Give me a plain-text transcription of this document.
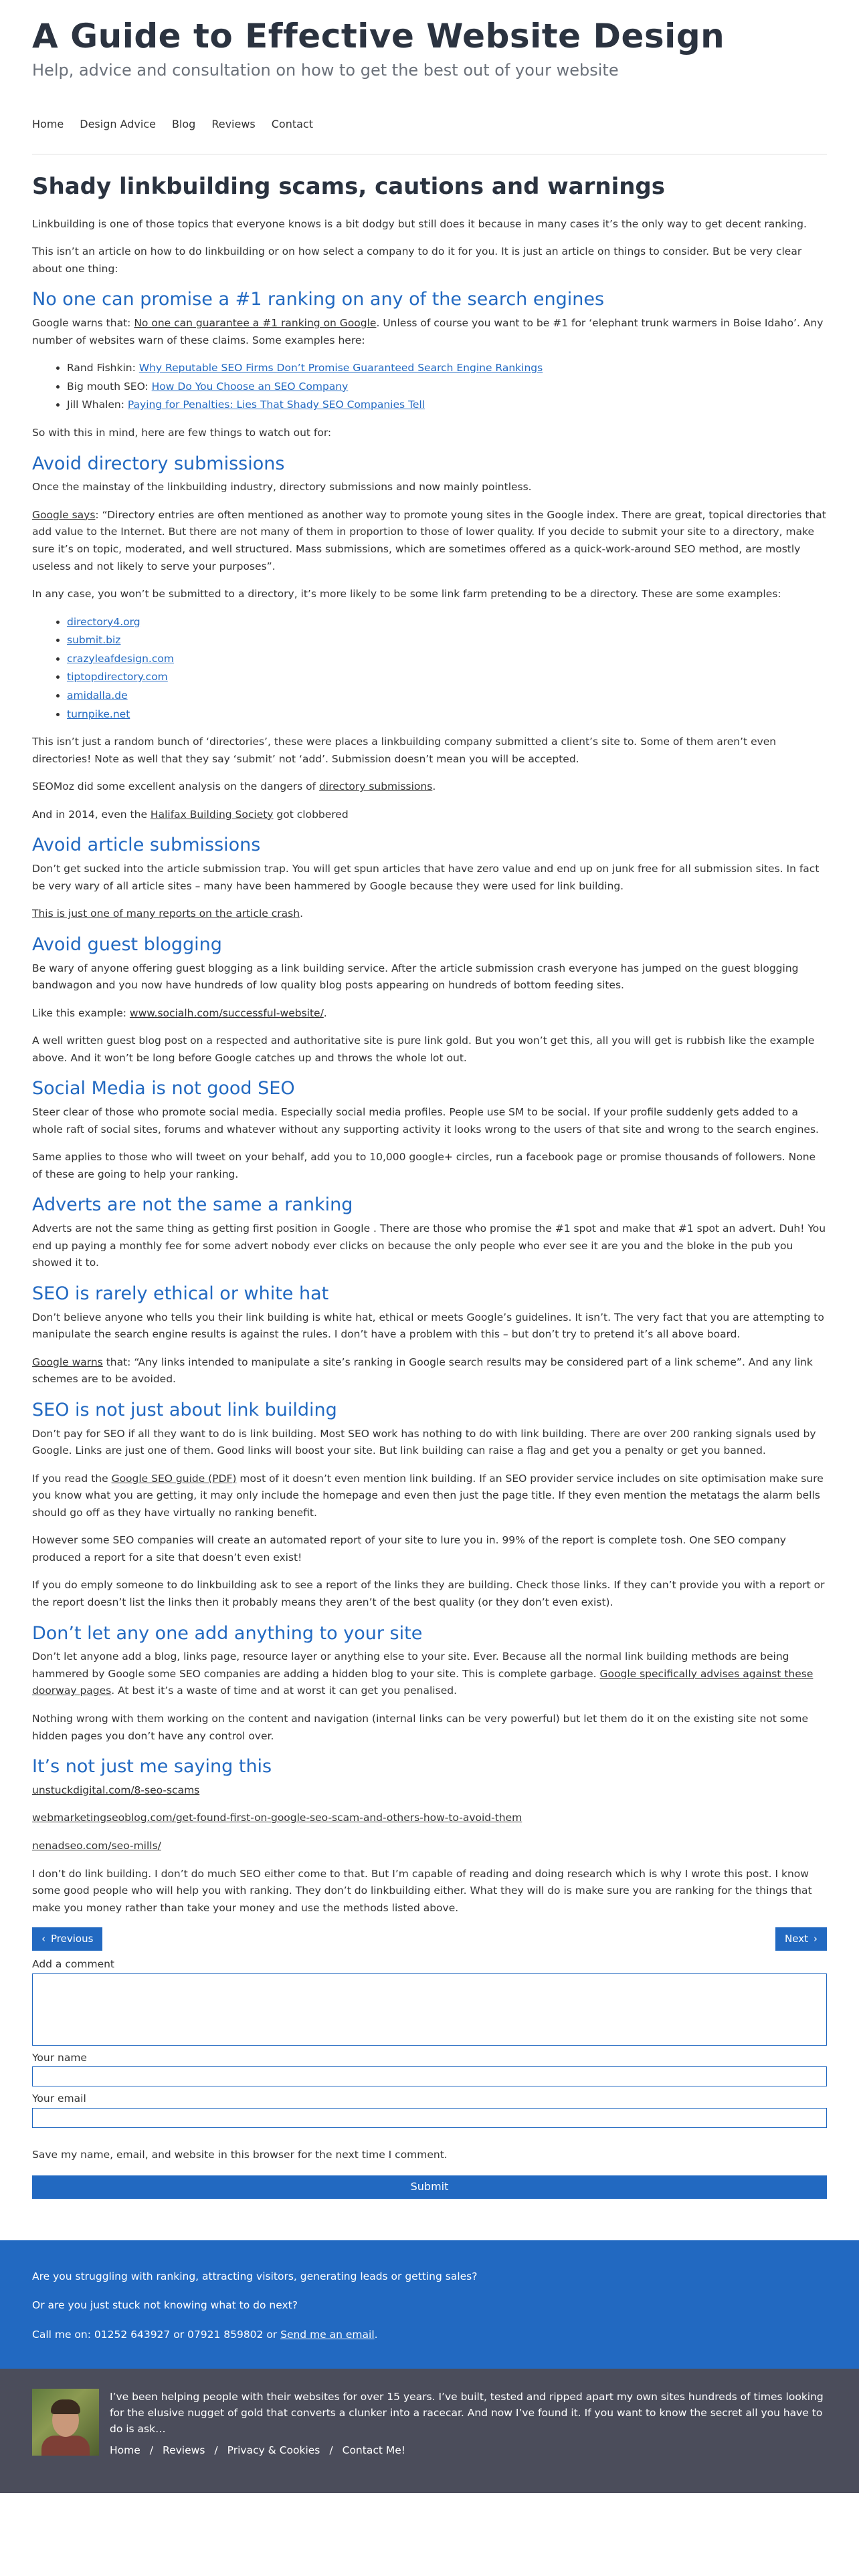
A Guide to Effective Website Design

Help, advice and consultation on how to get the best out of your website

Home Design Advice Blog Reviews Contact
Shady linkbuilding scams, cautions and warnings

Linkbuilding is one of those topics that everyone knows is a bit dodgy but still does it because in many cases it’s the only way to get decent ranking.

This isn’t an article on how to do linkbuilding or on how select a company to do it for you. It is just an article on things to consider. But be very clear about one thing:

No one can promise a #1 ranking on any of the search engines

Google warns that: No one can guarantee a #1 ranking on Google. Unless of course you want to be #1 for ‘elephant trunk warmers in Boise Idaho’. Any number of websites warn of these claims. Some examples here:

• Rand Fishkin: Why Reputable SEO Firms Don’t Promise Guaranteed Search Engine Rankings
• Big mouth SEO: How Do You Choose an SEO Company
• Jill Whalen: Paying for Penalties: Lies That Shady SEO Companies Tell

So with this in mind, here are few things to watch out for:

Avoid directory submissions

Once the mainstay of the linkbuilding industry, directory submissions and now mainly pointless.

Google says: “Directory entries are often mentioned as another way to promote young sites in the Google index. There are great, topical directories that add value to the Internet. But there are not many of them in proportion to those of lower quality. If you decide to submit your site to a directory, make sure it’s on topic, moderated, and well structured. Mass submissions, which are sometimes offered as a quick-work-around SEO method, are mostly useless and not likely to serve your purposes”.

In any case, you won’t be submitted to a directory, it’s more likely to be some link farm pretending to be a directory. These are some examples:

• directory4.org
• submit.biz
• crazyleafdesign.com
• tiptopdirectory.com
• amidalla.de
• turnpike.net

This isn’t just a random bunch of ‘directories’, these were places a linkbuilding company submitted a client’s site to. Some of them aren’t even directories! Note as well that they say ‘submit’ not ‘add’. Submission doesn’t mean you will be accepted.

SEOMoz did some excellent analysis on the dangers of directory submissions.

And in 2014, even the Halifax Building Society got clobbered

Avoid article submissions

Don’t get sucked into the article submission trap. You will get spun articles that have zero value and end up on junk free for all submission sites. In fact be very wary of all article sites – many have been hammered by Google because they were used for link building.

This is just one of many reports on the article crash.

Avoid guest blogging

Be wary of anyone offering guest blogging as a link building service. After the article submission crash everyone has jumped on the guest blogging bandwagon and you now have hundreds of low quality blog posts appearing on hundreds of bottom feeding sites.

Like this example: www.socialh.com/successful-website/.

A well written guest blog post on a respected and authoritative site is pure link gold. But you won’t get this, all you will get is rubbish like the example above. And it won’t be long before Google catches up and throws the whole lot out.

Social Media is not good SEO

Steer clear of those who promote social media. Especially social media profiles. People use SM to be social. If your profile suddenly gets added to a whole raft of social sites, forums and whatever without any supporting activity it looks wrong to the users of that site and wrong to the search engines.

Same applies to those who will tweet on your behalf, add you to 10,000 google+ circles, run a facebook page or promise thousands of followers. None of these are going to help your ranking.

Adverts are not the same a ranking

Adverts are not the same thing as getting first position in Google . There are those who promise the #1 spot and make that #1 spot an advert. Duh! You end up paying a monthly fee for some advert nobody ever clicks on because the only people who ever see it are you and the bloke in the pub you showed it to.

SEO is rarely ethical or white hat

Don’t believe anyone who tells you their link building is white hat, ethical or meets Google’s guidelines. It isn’t. The very fact that you are attempting to manipulate the search engine results is against the rules. I don’t have a problem with this – but don’t try to pretend it’s all above board.

Google warns that: “Any links intended to manipulate a site’s ranking in Google search results may be considered part of a link scheme”. And any link schemes are to be avoided.

SEO is not just about link building

Don’t pay for SEO if all they want to do is link building. Most SEO work has nothing to do with link building. There are over 200 ranking signals used by Google. Links are just one of them. Good links will boost your site. But link building can raise a flag and get you a penalty or get you banned.

If you read the Google SEO guide (PDF) most of it doesn’t even mention link building. If an SEO provider service includes on site optimisation make sure you know what you are getting, it may only include the homepage and even then just the page title. If they even mention the metatags the alarm bells should go off as they have virtually no ranking benefit.

However some SEO companies will create an automated report of your site to lure you in. 99% of the report is complete tosh. One SEO company produced a report for a site that doesn’t even exist!

If you do emply someone to do linkbuilding ask to see a report of the links they are building. Check those links. If they can’t provide you with a report or the report doesn’t list the links then it probably means they aren’t of the best quality (or they don’t even exist).

Don’t let any one add anything to your site

Don’t let anyone add a blog, links page, resource layer or anything else to your site. Ever. Because all the normal link building methods are being hammered by Google some SEO companies are adding a hidden blog to your site. This is complete garbage. Google specifically advises against these doorway pages. At best it’s a waste of time and at worst it can get you penalised.

Nothing wrong with them working on the content and navigation (internal links can be very powerful) but let them do it on the existing site not some hidden pages you don’t have any control over.

It’s not just me saying this

unstuckdigital.com/8-seo-scams

webmarketingseoblog.com/get-found-first-on-google-seo-scam-and-others-how-to-avoid-them

nenadseo.com/seo-mills/

I don’t do link building. I don’t do much SEO either come to that. But I’m capable of reading and doing research which is why I wrote this post. I know some good people who will help you with ranking. They don’t do linkbuilding either. What they will do is make sure you are ranking for the things that make you money rather than take your money and use the methods listed above.

‹ Previous	Next ›
Add a comment
Your name
Your email

Save my name, email, and website in this browser for the next time I comment.

Submit

Are you struggling with ranking, attracting visitors, generating leads or getting sales?

Or are you just stuck not knowing what to do next?

Call me on: 01252 643927 or 07921 859802 or Send me an email.

I’ve been helping people with their websites for over 15 years. I’ve built, tested and ripped apart my own sites hundreds of times looking for the elusive nugget of gold that converts a clunker into a racecar. And now I’ve found it. If you want to know the secret all you have to do is ask…
Home / Reviews / Privacy & Cookies / Contact Me!
